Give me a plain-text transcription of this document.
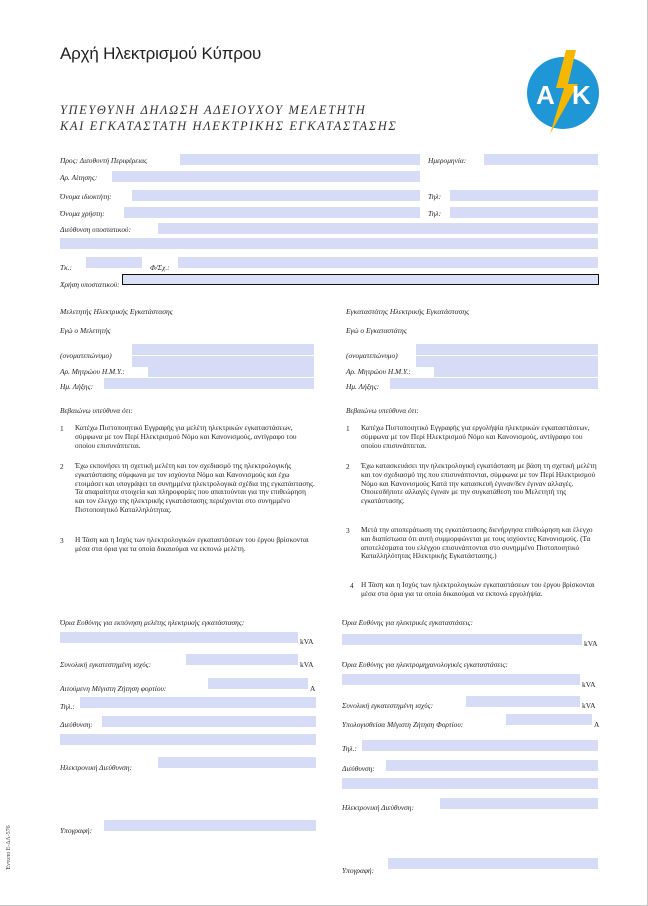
Αρχή Ηλεκτρισμού Κύπρου
Α Κ
ΥΠΕΥΘΥΝΗ ΔΗΛΩΣΗ ΑΔΕΙΟΥΧΟΥ ΜΕΛΕΤΗΤΗ
ΚΑΙ ΕΓΚΑΤΑΣΤΑΤΗ ΗΛΕΚΤΡΙΚΗΣ ΕΓΚΑΤΑΣΤΑΣΗΣ
Προς: Διευθυντή Περιφέρειας	Ημερομηνία:
Αρ. Αίτησης:
Όνομα ιδιοκτήτη:	Τηλ:
Όνομα χρήστη:	Τηλ:
Διεύθυνση υποστατικού:
Τκ.:	Φ/Σχ.:
Χρήση υποστατικού:
Μελετητής Ηλεκτρικής Εγκατάστασης
Εγώ ο Μελετητής
(ονοματεπώνυμο)
Αρ. Μητρώου Η.Μ.Υ.:
Ημ. Λήξης:
Βεβαιώνω υπεύθυνα ότι:
1 Κατέχω Πιστοποιητικό Εγγραφής για μελέτη ηλεκτρικών εγκαταστάσεων, σύμφωνα με τον Περί Ηλεκτρισμού Νόμο και Κανονισμούς, αντίγραφο του οποίου επισυνάπτεται.
2 Έχω εκπονήσει τη σχετική μελέτη και τον σχεδιασμό της ηλεκτρολογικής εγκατάστασης σύμφωνα με τον ισχύοντα Νόμο και Κανονισμούς και έχω ετοιμάσει και υπογράψει τα συνημμένα ηλεκτρολογικά σχέδια της εγκατάστασης. Τα απαραίτητα στοιχεία και πληροφορίες που απαιτούνται για την επιθεώρηση και τον έλεγχο της ηλεκτρικής εγκατάστασης περιέχονται στο συνημμένο Πιστοποιητικό Καταλληλότητας.
3 Η Τάση και η Ισχύς των ηλεκτρολογικών εγκαταστάσεων του έργου βρίσκονται μέσα στα όρια για τα οποία δικαιούμαι να εκπονώ μελέτη.
Όρια Ευθύνης για εκπόνηση μελέτης ηλεκτρικής εγκατάστασης:
kVA
Συνολική εγκατεστημένη ισχύς:	kVA
Αιτούμενη Μέγιστη Ζήτηση φορτίου:	Α
Τηλ.:
Διεύθυνση:
Ηλεκτρονική Διεύθυνση:
Υπογραφή:
Εγκαταστάτης Ηλεκτρικής Εγκατάστασης
Εγώ ο Εγκαταστάτης
(ονοματεπώνυμο)
Αρ. Μητρώου Η.Μ.Υ.:
Ημ. Λήξης:
Βεβαιώνω υπεύθυνα ότι:
1 Κατέχω Πιστοποιητικό Εγγραφής για εργολήψία ηλεκτρικών εγκαταστάσεων, σύμφωνα με τον Περί Ηλεκτρισμού Νόμο και Κανονισμούς, αντίγραφο του οποίου επισυνάπτεται.
2 Έχω κατασκευάσει την ηλεκτρολογική εγκατάσταση με βάση τη σχετική μελέτη και τον σχεδιασμό της που επισυνάπτονται, σύμφωνα με τον Περί Ηλεκτρισμού Νόμο και Κανονισμούς Κατά την κατασκευή έγιναν/δεν έγιναν αλλαγές. Οποιεσδήποτε αλλαγές έγιναν με την συγκατάθεση του Μελετητή της εγκατάστασης.
3 Μετά την αποπεράτωση της εγκατάστασης διενήργησα επιθεώρηση και έλεγχο και διαπίστωσα ότι αυτή συμμορφώνεται με τους ισχύοντες Κανονισμούς. (Τα αποτελέσματα του ελέγχου επισυνάπτονται στο συνημμένο Πιστοποιητικό Καταλληλότητας Ηλεκτρικής Εγκατάστασης.)
4 Η Τάση και η Ισχύς των ηλεκτρολογικών εγκαταστάσεων του έργου βρίσκονται μέσα στα όρια για τα οποία δικαιούμαι να εκπονώ εργολήψία.
Όρια Ευθύνης για ηλεκτρικές εγκαταστάσεις:
kVA
Όρια Ευθύνης για ηλεκτρομηχανολογικές εγκαταστάσεις:
kVA
Συνολική εγκατεστημένη ισχύς:	kVA
Υπολογισθείσα Μέγιστη Ζήτηση Φορτίου:	Α
Τηλ.:
Διεύθυνση:
Ηλεκτρονική Διεύθυνση:
Υπογραφή:
Έντυπο Ε-ΔΛ-576
